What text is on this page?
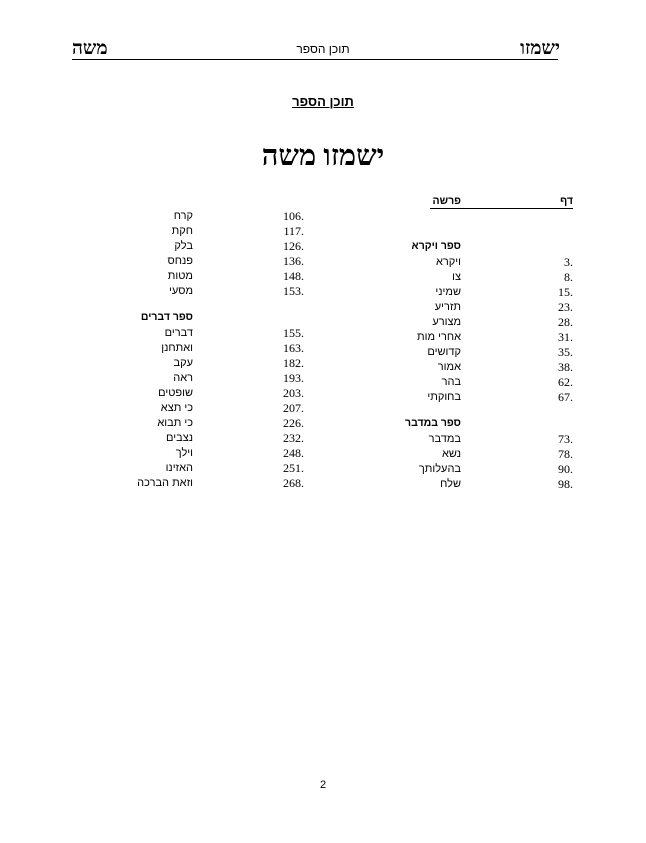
ישמזו
תוכן הספר
משה
תוכן הספר
ישמזו משה
דף
פרשה
ספר ויקרא
3.
ויקרא
8.
צו
15.
שמיני
23.
תזריע
28.
מצורע
31.
אחרי מות
35.
קדושים
38.
אמור
62.
בהר
67.
בחוקתי
ספר במדבר
73.
במדבר
78.
נשא
90.
בהעלותך
98.
שלח
106.
קרח
117.
חקת
126.
בלק
136.
פנחס
148.
מטות
153.
מסעי
ספר דברים
155.
דברים
163.
ואתחנן
182.
עקב
193.
ראה
203.
שופטים
207.
כי תצא
226.
כי תבוא
232.
נצבים
248.
וילך
251.
האזינו
268.
וזאת הברכה
2
